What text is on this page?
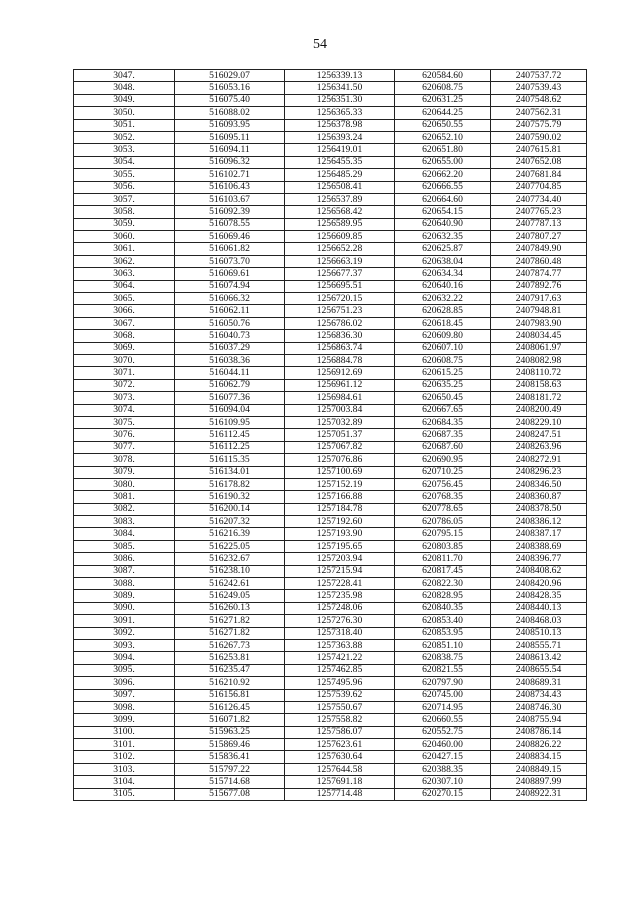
54
3047.	516029.07	1256339.13	620584.60	2407537.72
3048.	516053.16	1256341.50	620608.75	2407539.43
3049.	516075.40	1256351.30	620631.25	2407548.62
3050.	516088.02	1256365.33	620644.25	2407562.31
3051.	516093.95	1256378.98	620650.55	2407575.79
3052.	516095.11	1256393.24	620652.10	2407590.02
3053.	516094.11	1256419.01	620651.80	2407615.81
3054.	516096.32	1256455.35	620655.00	2407652.08
3055.	516102.71	1256485.29	620662.20	2407681.84
3056.	516106.43	1256508.41	620666.55	2407704.85
3057.	516103.67	1256537.89	620664.60	2407734.40
3058.	516092.39	1256568.42	620654.15	2407765.23
3059.	516078.55	1256589.95	620640.90	2407787.13
3060.	516069.46	1256609.85	620632.35	2407807.27
3061.	516061.82	1256652.28	620625.87	2407849.90
3062.	516073.70	1256663.19	620638.04	2407860.48
3063.	516069.61	1256677.37	620634.34	2407874.77
3064.	516074.94	1256695.51	620640.16	2407892.76
3065.	516066.32	1256720.15	620632.22	2407917.63
3066.	516062.11	1256751.23	620628.85	2407948.81
3067.	516050.76	1256786.02	620618.45	2407983.90
3068.	516040.73	1256836.30	620609.80	2408034.45
3069.	516037.29	1256863.74	620607.10	2408061.97
3070.	516038.36	1256884.78	620608.75	2408082.98
3071.	516044.11	1256912.69	620615.25	2408110.72
3072.	516062.79	1256961.12	620635.25	2408158.63
3073.	516077.36	1256984.61	620650.45	2408181.72
3074.	516094.04	1257003.84	620667.65	2408200.49
3075.	516109.95	1257032.89	620684.35	2408229.10
3076.	516112.45	1257051.37	620687.35	2408247.51
3077.	516112.25	1257067.82	620687.60	2408263.96
3078.	516115.35	1257076.86	620690.95	2408272.91
3079.	516134.01	1257100.69	620710.25	2408296.23
3080.	516178.82	1257152.19	620756.45	2408346.50
3081.	516190.32	1257166.88	620768.35	2408360.87
3082.	516200.14	1257184.78	620778.65	2408378.50
3083.	516207.32	1257192.60	620786.05	2408386.12
3084.	516216.39	1257193.90	620795.15	2408387.17
3085.	516225.05	1257195.65	620803.85	2408388.69
3086.	516232.67	1257203.94	620811.70	2408396.77
3087.	516238.10	1257215.94	620817.45	2408408.62
3088.	516242.61	1257228.41	620822.30	2408420.96
3089.	516249.05	1257235.98	620828.95	2408428.35
3090.	516260.13	1257248.06	620840.35	2408440.13
3091.	516271.82	1257276.30	620853.40	2408468.03
3092.	516271.82	1257318.40	620853.95	2408510.13
3093.	516267.73	1257363.88	620851.10	2408555.71
3094.	516253.81	1257421.22	620838.75	2408613.42
3095.	516235.47	1257462.85	620821.55	2408655.54
3096.	516210.92	1257495.96	620797.90	2408689.31
3097.	516156.81	1257539.62	620745.00	2408734.43
3098.	516126.45	1257550.67	620714.95	2408746.30
3099.	516071.82	1257558.82	620660.55	2408755.94
3100.	515963.25	1257586.07	620552.75	2408786.14
3101.	515869.46	1257623.61	620460.00	2408826.22
3102.	515836.41	1257630.64	620427.15	2408834.15
3103.	515797.22	1257644.58	620388.35	2408849.15
3104.	515714.68	1257691.18	620307.10	2408897.99
3105.	515677.08	1257714.48	620270.15	2408922.31
